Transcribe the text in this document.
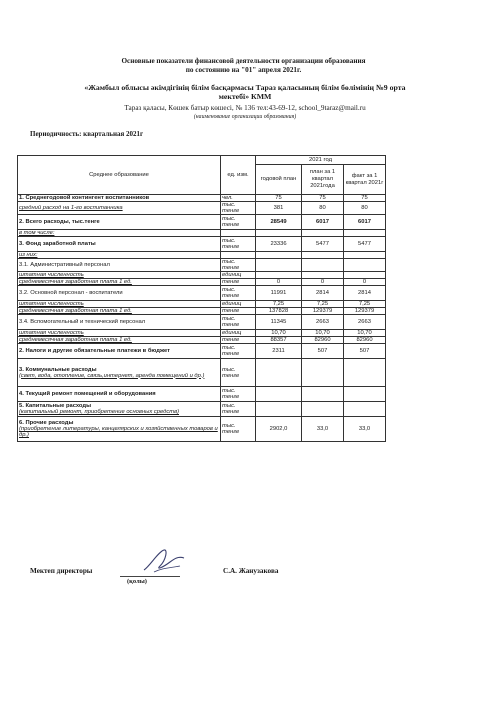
Основные показатели финансовой деятельности организации образования
по состоянию на "01" апреля 2021г.
«Жамбыл облысы әкімдігінің білім басқармасы Тараз қаласының білім бөлімінің №9 орта
мектебі» КММ
Тараз қаласы, Көшек батыр көшесі, № 136 тел:43-69-12, school_9taraz@mail.ru
(наименование организации образования)
Периодичность: квартальная 2021г
Среднее образование	ед. изм.	2021 год		
		годовой план	план за 1 квартал 2021года	факт за 1 квартал 2021г

1. Среднегодовой контингент воспитанников	чел.	75	75	75

средний расход на 1-го воспитанника	тыс. тенге	381	80	80

2. Всего расходы, тыс.тенге	тыс. тенге	28549	6017	6017

в том числе:				

3. Фонд заработной платы	тыс. тенге	23336	5477	5477

из них:				

3.1. Административный персонал	тыс. тенге			

штатная численность	единиц			

среднемесячная заработная плата 1 ед.	тенге	0	0	0

3.2. Основной персонал - воспитатели	тыс. тенге	11991	2814	2814

штатная численность	единиц	7,25	7,25	7,25

среднемесячная заработная плата 1 ед.	тенге	137828	129379	129379

3.4. Вспомогательный и технический персонал	тыс. тенге	11345	2663	2663

штатная численность	единиц	10,70	10,70	10,70

среднемесячная заработная плата 1 ед.	тенге	88357	82960	82960

2. Налоги и другие обязательные платежи в бюджет	тыс. тенге	2311	507	507

3. Коммунальные расходы
(свет, вода, отопление, связь,интернет, аренда помещений и др.)	тыс. тенге			

4. Текущий ремонт помещений и оборудования	тыс. тенге			

5. Капитальные расходы
(капитальный ремонт, приобретение основных средств)	тыс. тенге			

6. Прочие расходы
(приобретение литературы, канцелярских и хозяйственных товаров и др.)	тыс. тенге	2902,0	33,0	33,0
Мектеп директоры
(қолы)
С.А. Жанузакова
